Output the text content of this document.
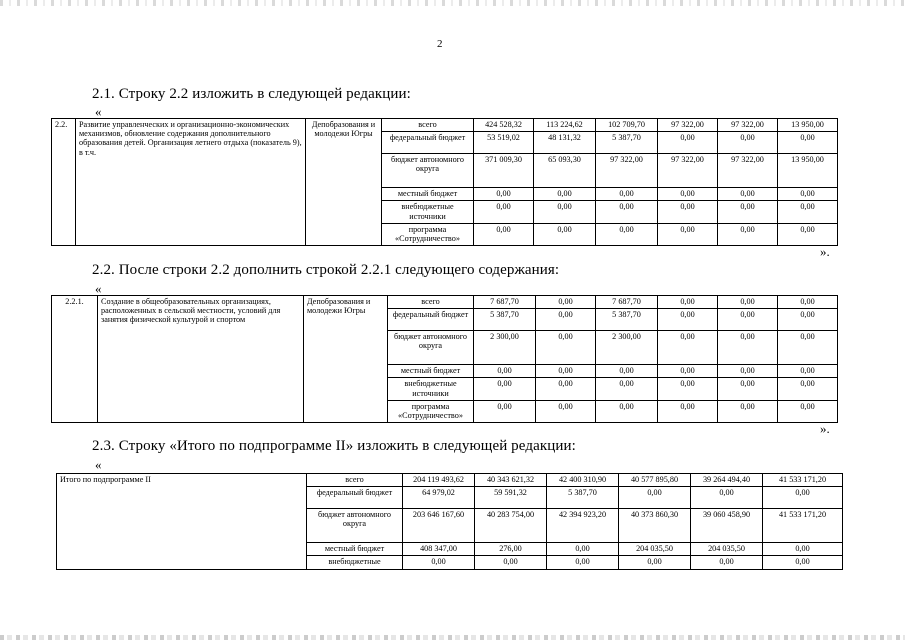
2
2.1. Строку 2.2 изложить в следующей редакции:
«
2.2.	Развитие управленческих и организационно-экономических механизмов, обновление содержания дополнительного образования детей. Организация летнего отдыха (показатель 9), в т.ч.	Депобразования и молодежи Югры	всего	424 528,32	113 224,62	102 709,70	97 322,00	97 322,00	13 950,00
			федеральный бюджет	53 519,02	48 131,32	5 387,70	0,00	0,00	0,00
			бюджет автономного округа	371 009,30	65 093,30	97 322,00	97 322,00	97 322,00	13 950,00
			местный бюджет	0,00	0,00	0,00	0,00	0,00	0,00
			внебюджетные источники	0,00	0,00	0,00	0,00	0,00	0,00
			программа «Сотрудничество»	0,00	0,00	0,00	0,00	0,00	0,00
».
2.2. После строки 2.2 дополнить строкой 2.2.1 следующего содержания:
«
2.2.1.	Создание в общеобразовательных организациях, расположенных в сельской местности, условий для занятия физической культурой и спортом	Депобразования и молодежи Югры	всего	7 687,70	0,00	7 687,70	0,00	0,00	0,00
			федеральный бюджет	5 387,70	0,00	5 387,70	0,00	0,00	0,00
			бюджет автономного округа	2 300,00	0,00	2 300,00	0,00	0,00	0,00
			местный бюджет	0,00	0,00	0,00	0,00	0,00	0,00
			внебюджетные источники	0,00	0,00	0,00	0,00	0,00	0,00
			программа «Сотрудничество»	0,00	0,00	0,00	0,00	0,00	0,00
».
2.3. Строку «Итого по подпрограмме II» изложить в следующей редакции:
«
Итого по подпрограмме II	всего	204 119 493,62	40 343 621,32	42 400 310,90	40 577 895,80	39 264 494,40	41 533 171,20
	федеральный бюджет	64 979,02	59 591,32	5 387,70	0,00	0,00	0,00
	бюджет автономного округа	203 646 167,60	40 283 754,00	42 394 923,20	40 373 860,30	39 060 458,90	41 533 171,20
	местный бюджет	408 347,00	276,00	0,00	204 035,50	204 035,50	0,00
	внебюджетные	0,00	0,00	0,00	0,00	0,00	0,00
